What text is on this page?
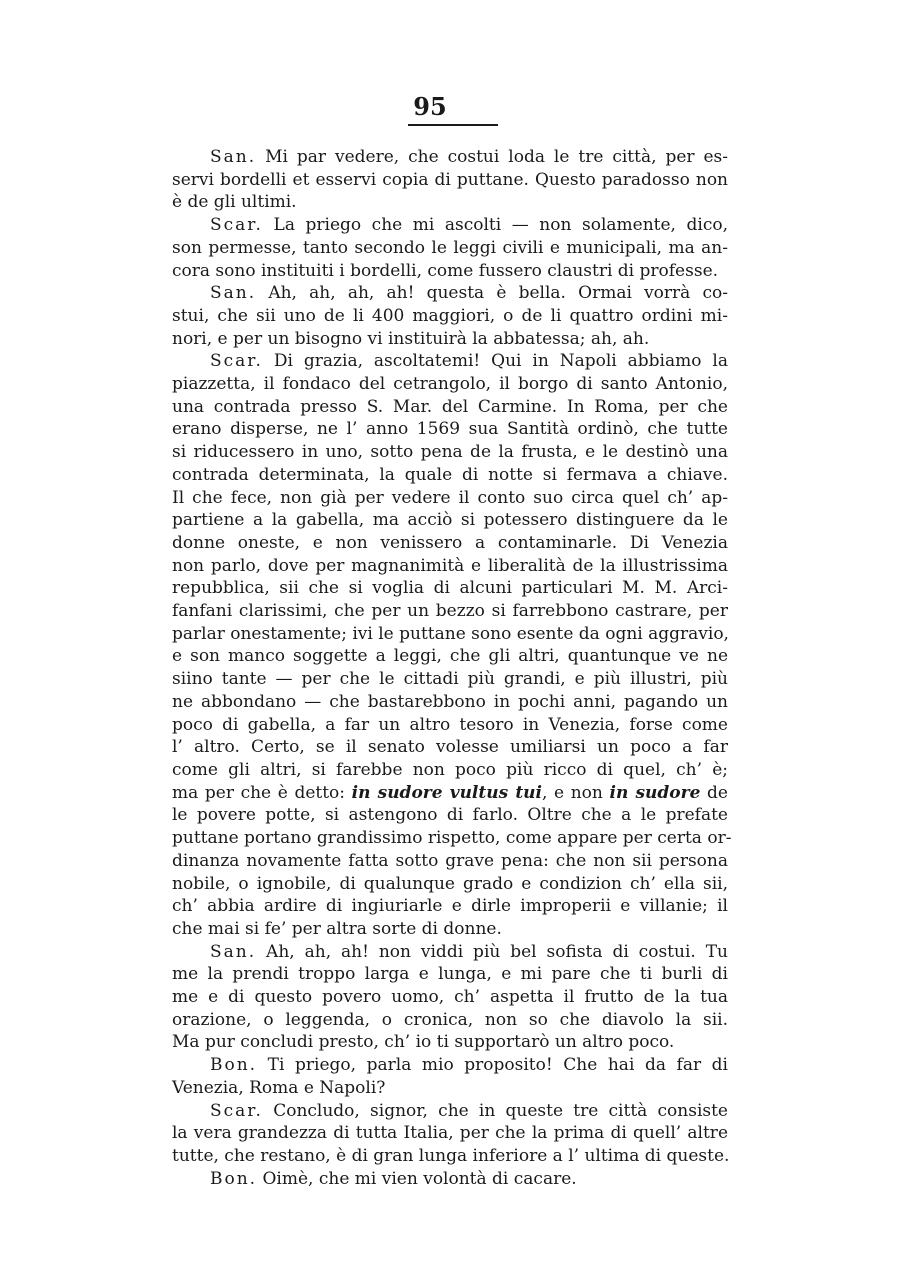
95
San. Mi par vedere, che costui loda le tre città, per es-
servi bordelli et esservi copia di puttane. Questo paradosso non
è de gli ultimi.
Scar. La priego che mi ascolti — non solamente, dico,
son permesse, tanto secondo le leggi civili e municipali, ma an-
cora sono instituiti i bordelli, come fussero claustri di professe.
San. Ah, ah, ah, ah! questa è bella. Ormai vorrà co-
stui, che sii uno de li 400 maggiori, o de li quattro ordini mi-
nori, e per un bisogno vi instituirà la abbatessa; ah, ah.
Scar. Di grazia, ascoltatemi! Qui in Napoli abbiamo la
piazzetta, il fondaco del cetrangolo, il borgo di santo Antonio,
una contrada presso S. Mar. del Carmine. In Roma, per che
erano disperse, ne l’ anno 1569 sua Santità ordinò, che tutte
si riducessero in uno, sotto pena de la frusta, e le destinò una
contrada determinata, la quale di notte si fermava a chiave.
Il che fece, non già per vedere il conto suo circa quel ch’ ap-
partiene a la gabella, ma acciò si potessero distinguere da le
donne oneste, e non venissero a contaminarle. Di Venezia
non parlo, dove per magnanimità e liberalità de la illustrissima
repubblica, sii che si voglia di alcuni particulari M. M. Arci-
fanfani clarissimi, che per un bezzo si farrebbono castrare, per
parlar onestamente; ivi le puttane sono esente da ogni aggravio,
e son manco soggette a leggi, che gli altri, quantunque ve ne
siino tante — per che le cittadi più grandi, e più illustri, più
ne abbondano — che bastarebbono in pochi anni, pagando un
poco di gabella, a far un altro tesoro in Venezia, forse come
l’ altro. Certo, se il senato volesse umiliarsi un poco a far
come gli altri, si farebbe non poco più ricco di quel, ch’ è;
ma per che è detto: in sudore vultus tui, e non in sudore de
le povere potte, si astengono di farlo. Oltre che a le prefate
puttane portano grandissimo rispetto, come appare per certa or-
dinanza novamente fatta sotto grave pena: che non sii persona
nobile, o ignobile, di qualunque grado e condizion ch’ ella sii,
ch’ abbia ardire di ingiuriarle e dirle improperii e villanie; il
che mai si fe’ per altra sorte di donne.
San. Ah, ah, ah! non viddi più bel sofista di costui. Tu
me la prendi troppo larga e lunga, e mi pare che ti burli di
me e di questo povero uomo, ch’ aspetta il frutto de la tua
orazione, o leggenda, o cronica, non so che diavolo la sii.
Ma pur concludi presto, ch’ io ti supportarò un altro poco.
Bon. Ti priego, parla mio proposito! Che hai da far di
Venezia, Roma e Napoli?
Scar. Concludo, signor, che in queste tre città consiste
la vera grandezza di tutta Italia, per che la prima di quell’ altre
tutte, che restano, è di gran lunga inferiore a l’ ultima di queste.
Bon. Oimè, che mi vien volontà di cacare.
